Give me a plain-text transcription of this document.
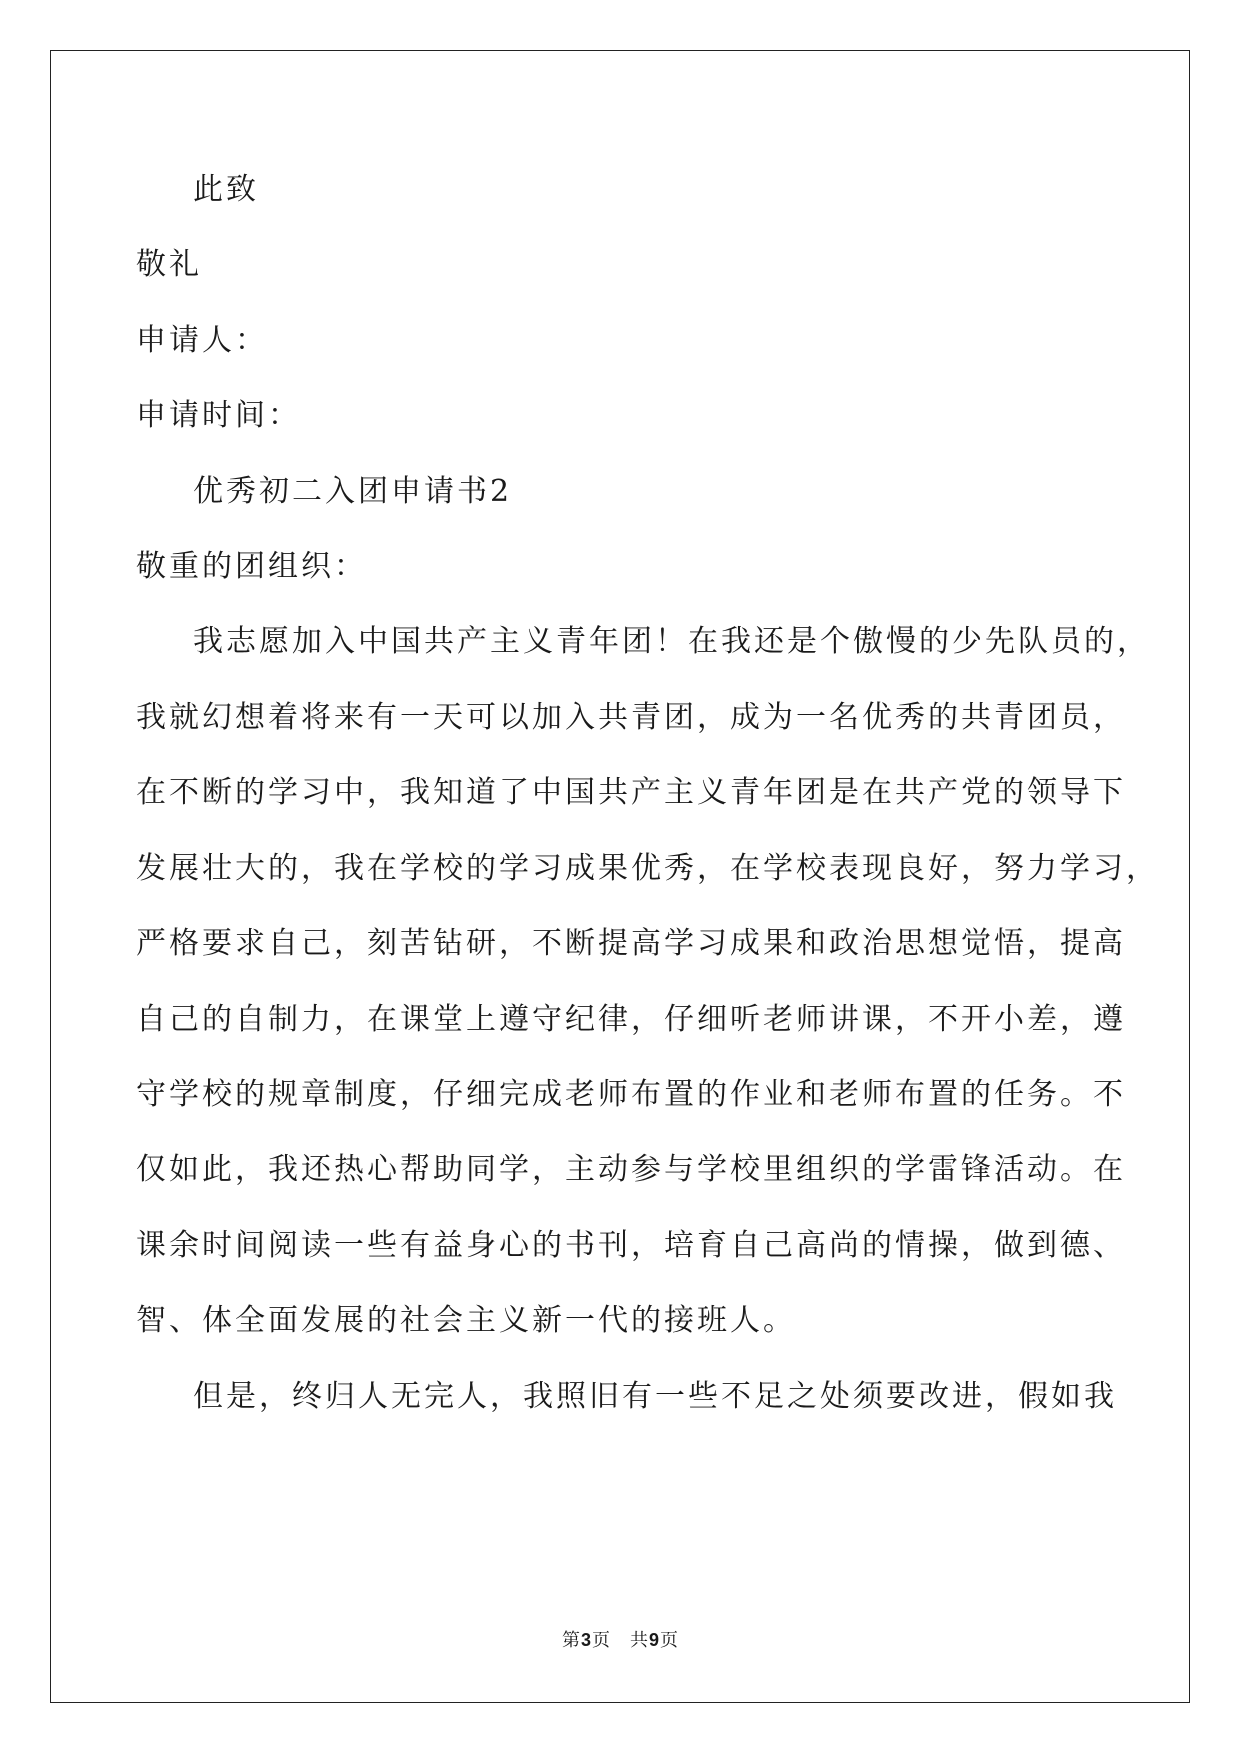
此致
敬礼
申请人：
申请时间：
优秀初二入团申请书2
敬重的团组织：
我志愿加入中国共产主义青年团！在我还是个傲慢的少先队员的，
我就幻想着将来有一天可以加入共青团，成为一名优秀的共青团员，
在不断的学习中，我知道了中国共产主义青年团是在共产党的领导下
发展壮大的，我在学校的学习成果优秀，在学校表现良好，努力学习，
严格要求自己，刻苦钻研，不断提高学习成果和政治思想觉悟，提高
自己的自制力，在课堂上遵守纪律，仔细听老师讲课，不开小差，遵
守学校的规章制度，仔细完成老师布置的作业和老师布置的任务。不
仅如此，我还热心帮助同学，主动参与学校里组织的学雷锋活动。在
课余时间阅读一些有益身心的书刊，培育自己高尚的情操，做到德、
智、体全面发展的社会主义新一代的接班人。
但是，终归人无完人，我照旧有一些不足之处须要改进，假如我
第3页　共9页
